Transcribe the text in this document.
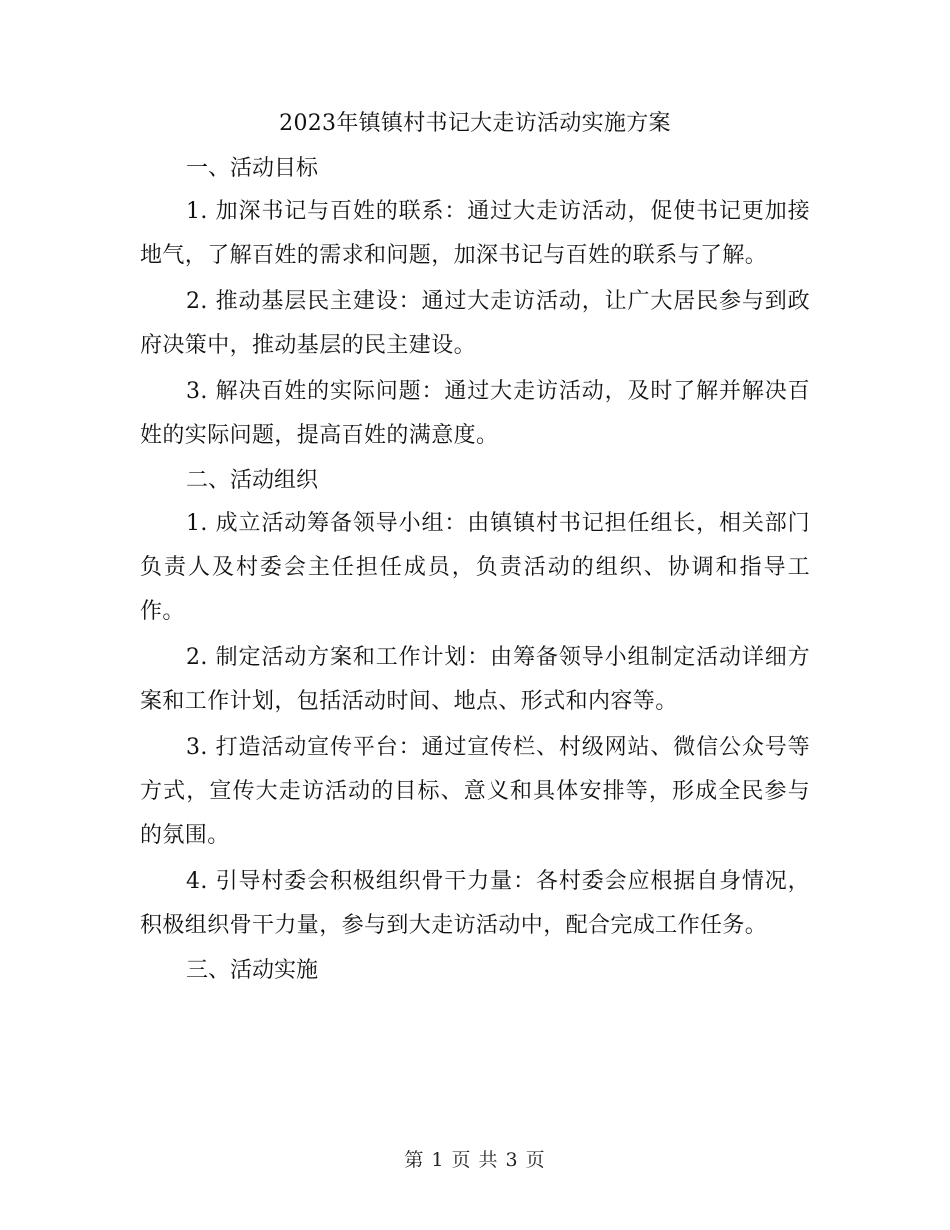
2023年镇镇村书记大走访活动实施方案
一、活动目标

1. 加深书记与百姓的联系：通过大走访活动，促使书记更加接地气，了解百姓的需求和问题，加深书记与百姓的联系与了解。

2. 推动基层民主建设：通过大走访活动，让广大居民参与到政府决策中，推动基层的民主建设。

3. 解决百姓的实际问题：通过大走访活动，及时了解并解决百姓的实际问题，提高百姓的满意度。

二、活动组织

1. 成立活动筹备领导小组：由镇镇村书记担任组长，相关部门负责人及村委会主任担任成员，负责活动的组织、协调和指导工作。

2. 制定活动方案和工作计划：由筹备领导小组制定活动详细方案和工作计划，包括活动时间、地点、形式和内容等。

3. 打造活动宣传平台：通过宣传栏、村级网站、微信公众号等方式，宣传大走访活动的目标、意义和具体安排等，形成全民参与的氛围。

4. 引导村委会积极组织骨干力量：各村委会应根据自身情况，积极组织骨干力量，参与到大走访活动中，配合完成工作任务。

三、活动实施
第 1 页 共 3 页
